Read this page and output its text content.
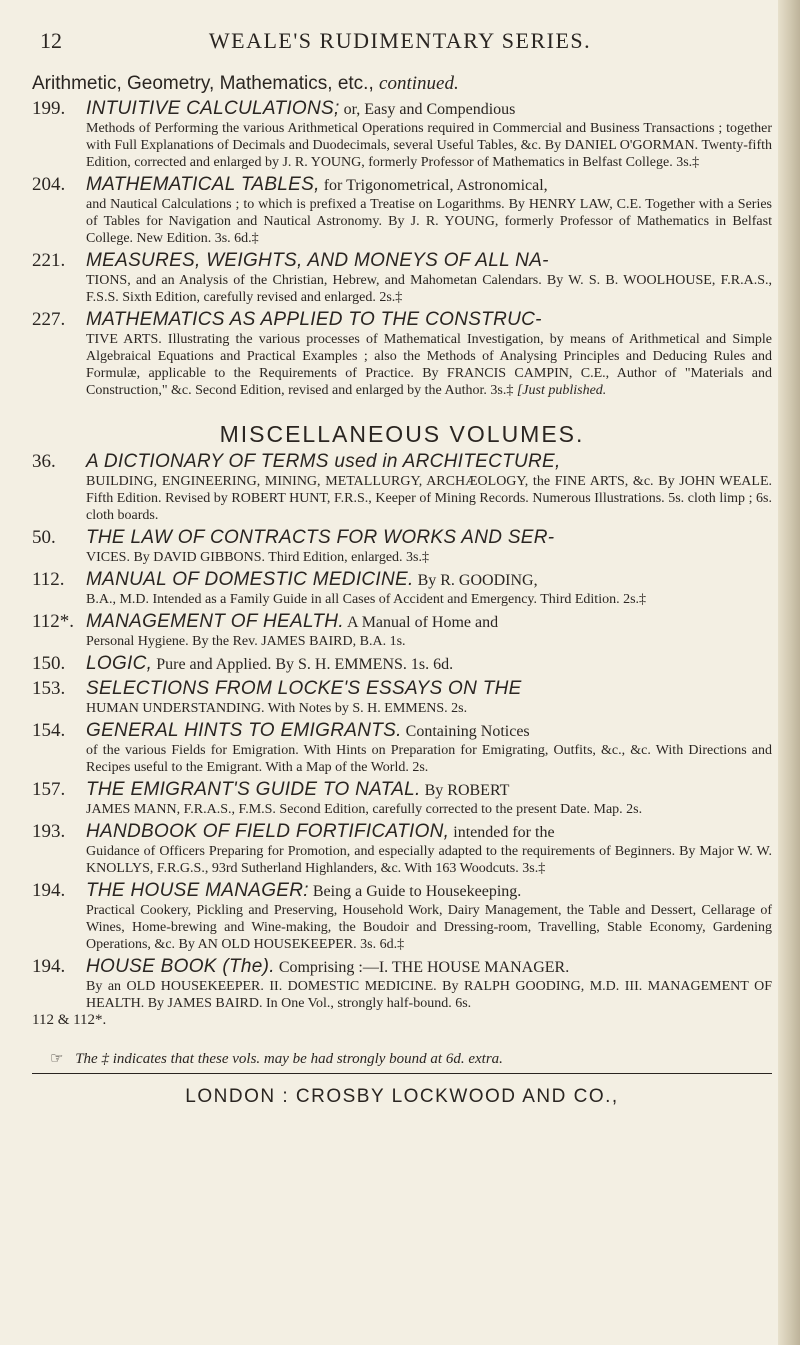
WEALE'S RUDIMENTARY SERIES.
12
Arithmetic, Geometry, Mathematics, etc., continued.
199. INTUITIVE CALCULATIONS; or, Easy and Compendious
Methods of Performing the various Arithmetical Operations required in Commercial and Business Transactions ; together with Full Explanations of Decimals and Duodecimals, several Useful Tables, &c. By DANIEL O'GORMAN. Twenty-fifth Edition, corrected and enlarged by J. R. YOUNG, formerly Professor of Mathematics in Belfast College. 3s.‡
204. MATHEMATICAL TABLES, for Trigonometrical, Astronomical,
and Nautical Calculations ; to which is prefixed a Treatise on Logarithms. By HENRY LAW, C.E. Together with a Series of Tables for Navigation and Nautical Astronomy. By J. R. YOUNG, formerly Professor of Mathematics in Belfast College. New Edition. 3s. 6d.‡
221. MEASURES, WEIGHTS, AND MONEYS OF ALL NA-
TIONS, and an Analysis of the Christian, Hebrew, and Mahometan Calendars. By W. S. B. WOOLHOUSE, F.R.A.S., F.S.S. Sixth Edition, carefully revised and enlarged. 2s.‡
227. MATHEMATICS AS APPLIED TO THE CONSTRUC-
TIVE ARTS. Illustrating the various processes of Mathematical Investigation, by means of Arithmetical and Simple Algebraical Equations and Practical Examples ; also the Methods of Analysing Principles and Deducing Rules and Formulæ, applicable to the Requirements of Practice. By FRANCIS CAMPIN, C.E., Author of "Materials and Construction," &c. Second Edition, revised and enlarged by the Author. 3s.‡ [Just published.
MISCELLANEOUS VOLUMES.
36. A DICTIONARY OF TERMS used in ARCHITECTURE,
BUILDING, ENGINEERING, MINING, METALLURGY, ARCHÆOLOGY, the FINE ARTS, &c. By JOHN WEALE. Fifth Edition. Revised by ROBERT HUNT, F.R.S., Keeper of Mining Records. Numerous Illustrations. 5s. cloth limp ; 6s. cloth boards.
50. THE LAW OF CONTRACTS FOR WORKS AND SER-
VICES. By DAVID GIBBONS. Third Edition, enlarged. 3s.‡
112. MANUAL OF DOMESTIC MEDICINE. By R. GOODING,
B.A., M.D. Intended as a Family Guide in all Cases of Accident and Emergency. Third Edition. 2s.‡
112*. MANAGEMENT OF HEALTH. A Manual of Home and
Personal Hygiene. By the Rev. JAMES BAIRD, B.A. 1s.
150. LOGIC, Pure and Applied. By S. H. EMMENS. 1s. 6d.
153. SELECTIONS FROM LOCKE'S ESSAYS ON THE
HUMAN UNDERSTANDING. With Notes by S. H. EMMENS. 2s.
154. GENERAL HINTS TO EMIGRANTS. Containing Notices
of the various Fields for Emigration. With Hints on Preparation for Emigrating, Outfits, &c., &c. With Directions and Recipes useful to the Emigrant. With a Map of the World. 2s.
157. THE EMIGRANT'S GUIDE TO NATAL. By ROBERT
JAMES MANN, F.R.A.S., F.M.S. Second Edition, carefully corrected to the present Date. Map. 2s.
193. HANDBOOK OF FIELD FORTIFICATION, intended for the
Guidance of Officers Preparing for Promotion, and especially adapted to the requirements of Beginners. By Major W. W. KNOLLYS, F.R.G.S., 93rd Sutherland Highlanders, &c. With 163 Woodcuts. 3s.‡
194. THE HOUSE MANAGER: Being a Guide to Housekeeping.
Practical Cookery, Pickling and Preserving, Household Work, Dairy Management, the Table and Dessert, Cellarage of Wines, Home-brewing and Wine-making, the Boudoir and Dressing-room, Travelling, Stable Economy, Gardening Operations, &c. By AN OLD HOUSEKEEPER. 3s. 6d.‡
194. HOUSE BOOK (The). Comprising :—I. THE HOUSE MANAGER.
By an OLD HOUSEKEEPER. II. DOMESTIC MEDICINE. By RALPH GOODING, M.D. III. MANAGEMENT OF HEALTH. By JAMES BAIRD. In One Vol., strongly half-bound. 6s.
112 & 112*.
☞ The ‡ indicates that these vols. may be had strongly bound at 6d. extra.
LONDON : CROSBY LOCKWOOD AND CO.,
